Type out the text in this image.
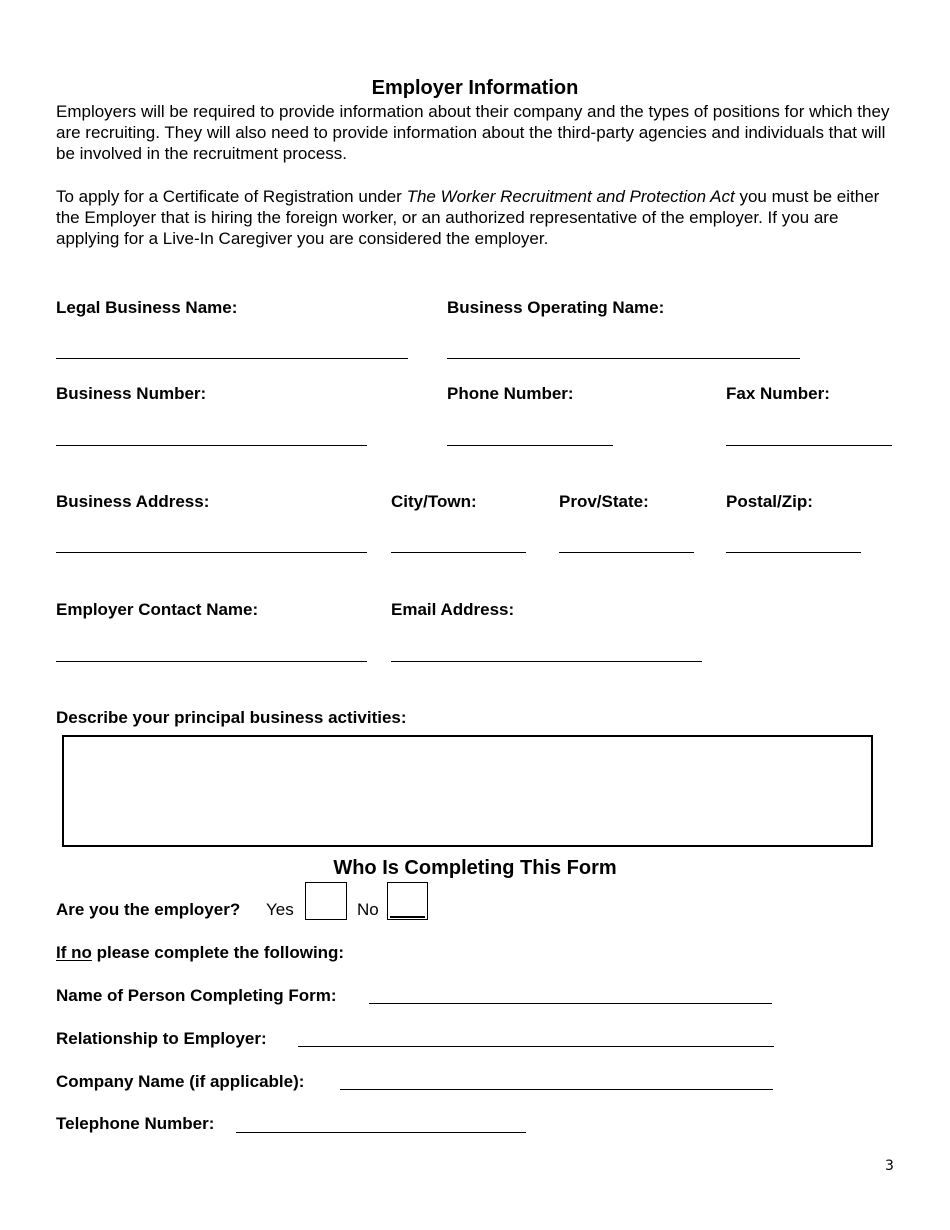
Employer Information

Employers will be required to provide information about their company and the types of positions for which they are recruiting. They will also need to provide information about the third-party agencies and individuals that will be involved in the recruitment process.

To apply for a Certificate of Registration under The Worker Recruitment and Protection Act you must be either the Employer that is hiring the foreign worker, or an authorized representative of the employer. If you are applying for a Live-In Caregiver you are considered the employer.

Legal Business Name:	Business Operating Name:
Business Number:	Phone Number:	Fax Number:
Business Address:	City/Town:	Prov/State:	Postal/Zip:
Employer Contact Name:	Email Address:
Describe your principal business activities:
Who Is Completing This Form
Are you the employer? Yes	No
If no please complete the following:
Name of Person Completing Form:
Relationship to Employer:
Company Name (if applicable):
Telephone Number:
3
